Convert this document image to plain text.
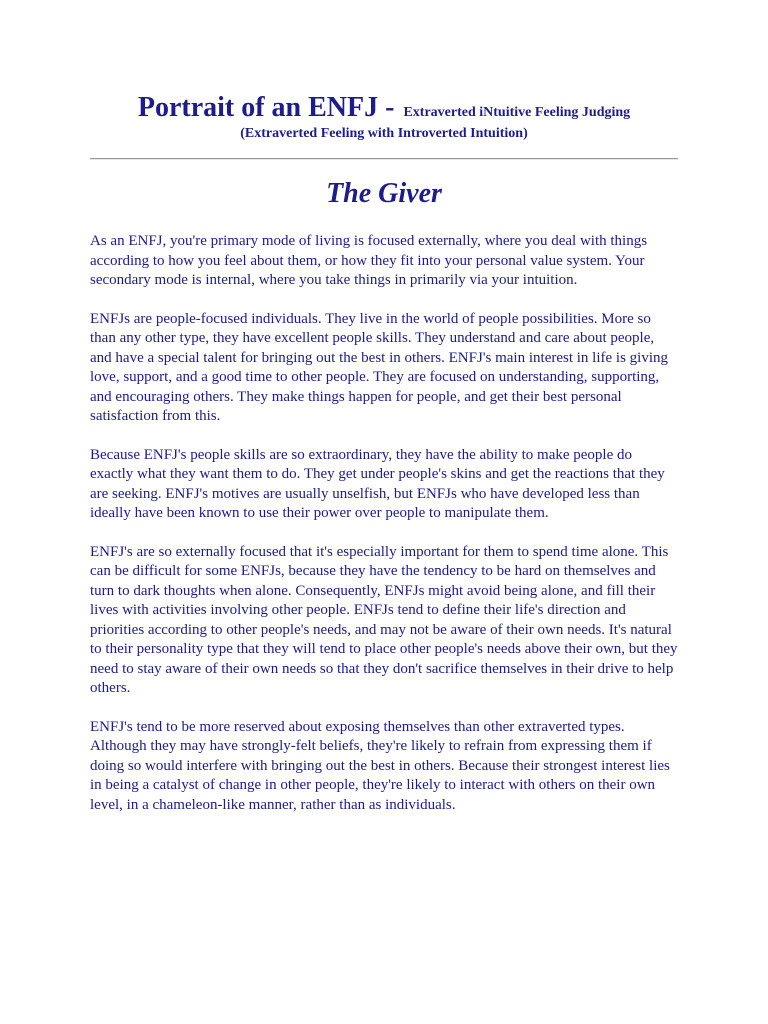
Portrait of an ENFJ - Extraverted iNtuitive Feeling Judging
(Extraverted Feeling with Introverted Intuition)
The Giver

As an ENFJ, you're primary mode of living is focused externally, where you deal with things according to how you feel about them, or how they fit into your personal value system. Your secondary mode is internal, where you take things in primarily via your intuition.

ENFJs are people-focused individuals. They live in the world of people possibilities. More so than any other type, they have excellent people skills. They understand and care about people, and have a special talent for bringing out the best in others. ENFJ's main interest in life is giving love, support, and a good time to other people. They are focused on understanding, supporting, and encouraging others. They make things happen for people, and get their best personal satisfaction from this.

Because ENFJ's people skills are so extraordinary, they have the ability to make people do exactly what they want them to do. They get under people's skins and get the reactions that they are seeking. ENFJ's motives are usually unselfish, but ENFJs who have developed less than ideally have been known to use their power over people to manipulate them.

ENFJ's are so externally focused that it's especially important for them to spend time alone. This can be difficult for some ENFJs, because they have the tendency to be hard on themselves and turn to dark thoughts when alone. Consequently, ENFJs might avoid being alone, and fill their lives with activities involving other people. ENFJs tend to define their life's direction and priorities according to other people's needs, and may not be aware of their own needs. It's natural to their personality type that they will tend to place other people's needs above their own, but they need to stay aware of their own needs so that they don't sacrifice themselves in their drive to help others.

ENFJ's tend to be more reserved about exposing themselves than other extraverted types. Although they may have strongly-felt beliefs, they're likely to refrain from expressing them if doing so would interfere with bringing out the best in others. Because their strongest interest lies in being a catalyst of change in other people, they're likely to interact with others on their own level, in a chameleon-like manner, rather than as individuals.
